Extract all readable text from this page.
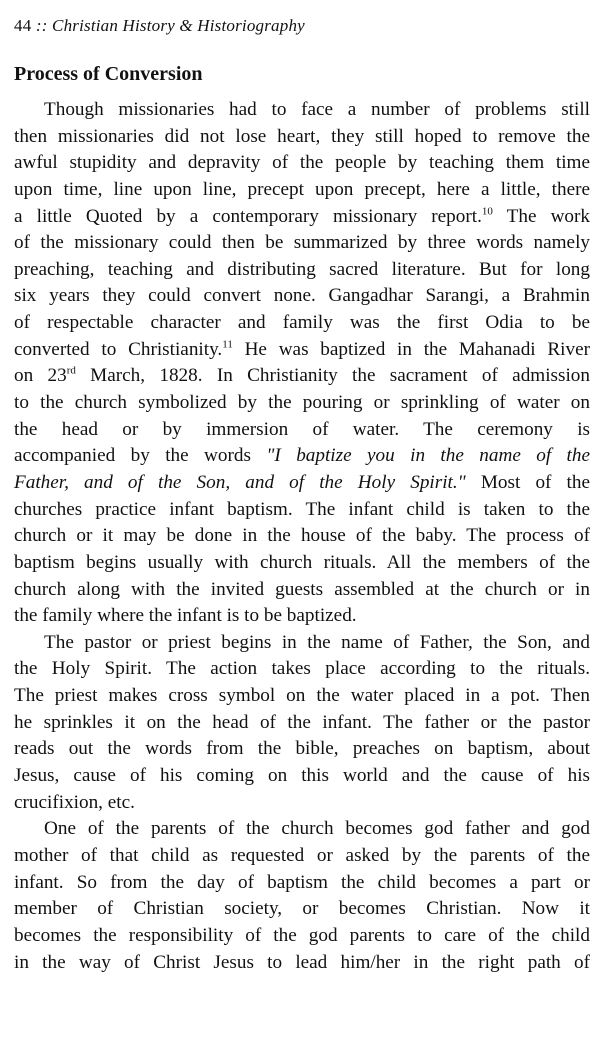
44 :: Christian History & Historiography
Process of Conversion
Though missionaries had to face a number of problems still
then missionaries did not lose heart, they still hoped to remove the
awful stupidity and depravity of the people by teaching them time
upon time, line upon line, precept upon precept, here a little, there
a little Quoted by a contemporary missionary report.$^{10}$ The work
of the missionary could then be summarized by three words namely
preaching, teaching and distributing sacred literature. But for long
six years they could convert none. Gangadhar Sarangi, a Brahmin
of respectable character and family was the first Odia to be
converted to Christianity.$^{11}$ He was baptized in the Mahanadi River
on 23rd March, 1828. In Christianity the sacrament of admission
to the church symbolized by the pouring or sprinkling of water on
the head or by immersion of water. The ceremony is
accompanied by the words "I baptize you in the name of the
Father, and of the Son, and of the Holy Spirit." Most of the
churches practice infant baptism. The infant child is taken to the
church or it may be done in the house of the baby. The process of
baptism begins usually with church rituals. All the members of the
church along with the invited guests assembled at the church or in
the family where the infant is to be baptized.
The pastor or priest begins in the name of Father, the Son, and
the Holy Spirit. The action takes place according to the rituals.
The priest makes cross symbol on the water placed in a pot. Then
he sprinkles it on the head of the infant. The father or the pastor
reads out the words from the bible, preaches on baptism, about
Jesus, cause of his coming on this world and the cause of his
crucifixion, etc.
One of the parents of the church becomes god father and god
mother of that child as requested or asked by the parents of the
infant. So from the day of baptism the child becomes a part or
member of Christian society, or becomes Christian. Now it
becomes the responsibility of the god parents to care of the child
in the way of Christ Jesus to lead him/her in the right path of
